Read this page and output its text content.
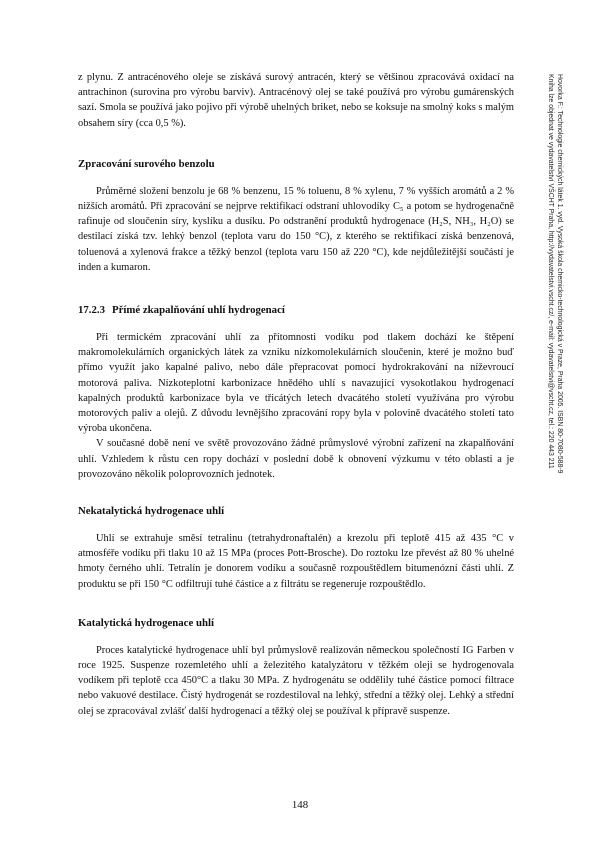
z plynu. Z antracénového oleje se získává surový antracén, který se většinou zpracovává oxidací na antrachinon (surovina pro výrobu barviv). Antracénový olej se také používá pro výrobu gumárenských sazí. Smola se používá jako pojivo při výrobě uhelných briket, nebo se koksuje na smolný koks s malým obsahem síry (cca 0,5 %).

Zpracování surového benzolu

Průměrné složení benzolu je 68 % benzenu, 15 % toluenu, 8 % xylenu, 7 % vyšších aromátů a 2 % nižších aromátů. Při zpracování se nejprve rektifikací odstraní uhlovodíky C₅ a potom se hydrogenačně rafinuje od sloučenin síry, kyslíku a dusíku. Po odstranění produktů hydrogenace (H₂S, NH₃, H₂O) se destilací získá tzv. lehký benzol (teplota varu do 150 °C), z kterého se rektifikací získá benzenová, toluenová a xylenová frakce a těžký benzol (teplota varu 150 až 220 °C), kde nejdůležitější součástí je inden a kumaron.

17.2.3 Přímé zkapalňování uhlí hydrogenací

Při termickém zpracování uhlí za přítomnosti vodíku pod tlakem dochází ke štěpení makromolekulárních organických látek za vzniku nízkomolekulárních sloučenin, které je možno buď přímo využít jako kapalné palivo, nebo dále přepracovat pomocí hydrokrakování na níževroucí motorová paliva. Nízkoteplotní karbonizace hnědého uhlí s navazující vysokotlakou hydrogenací kapalných produktů karbonizace byla ve třicátých letech dvacátého století využívána pro výrobu motorových paliv a olejů. Z důvodu levnějšího zpracování ropy byla v polovině dvacátého století tato výroba ukončena.

V současné době není ve světě provozováno žádné průmyslové výrobní zařízení na zkapalňování uhlí. Vzhledem k růstu cen ropy dochází v poslední době k obnovení výzkumu v této oblasti a je provozováno několik poloprovozních jednotek.

Nekatalytická hydrogenace uhlí

Uhlí se extrahuje směsí tetralinu (tetrahydronaftalén) a krezolu při teplotě 415 až 435 °C v atmosféře vodíku při tlaku 10 až 15 MPa (proces Pott-Brosche). Do roztoku lze převést až 80 % uhelné hmoty černého uhlí. Tetralín je donorem vodíku a současně rozpouštědlem bitumenózní části uhlí. Z produktu se při 150 °C odfiltrují tuhé částice a z filtrátu se regeneruje rozpouštědlo.

Katalytická hydrogenace uhlí

Proces katalytické hydrogenace uhlí byl průmyslově realizován německou společností IG Farben v roce 1925. Suspenze rozemletého uhlí a železitého katalyzátoru v těžkém oleji se hydrogenovala vodíkem při teplotě cca 450°C a tlaku 30 MPa. Z hydrogenátu se oddělily tuhé částice pomocí filtrace nebo vakuové destilace. Čistý hydrogenát se rozdestiloval na lehký, střední a těžký olej. Lehký a střední olej se zpracovával zvlášť další hydrogenací a těžký olej se používal k přípravě suspenze.

Hovorka F.: Technologie chemických látek 1. vyd. Vysoká škola chemicko-technologická v Praze, Praha 2005. ISBN 80-7080-588-9
Kniha lze objednat ve vydavatelství VŠCHT Praha, http://vydavatelstvi.vscht.cz/, e-mail: vydavatelstvi@vscht.cz, tel.: 220 443 211
148
